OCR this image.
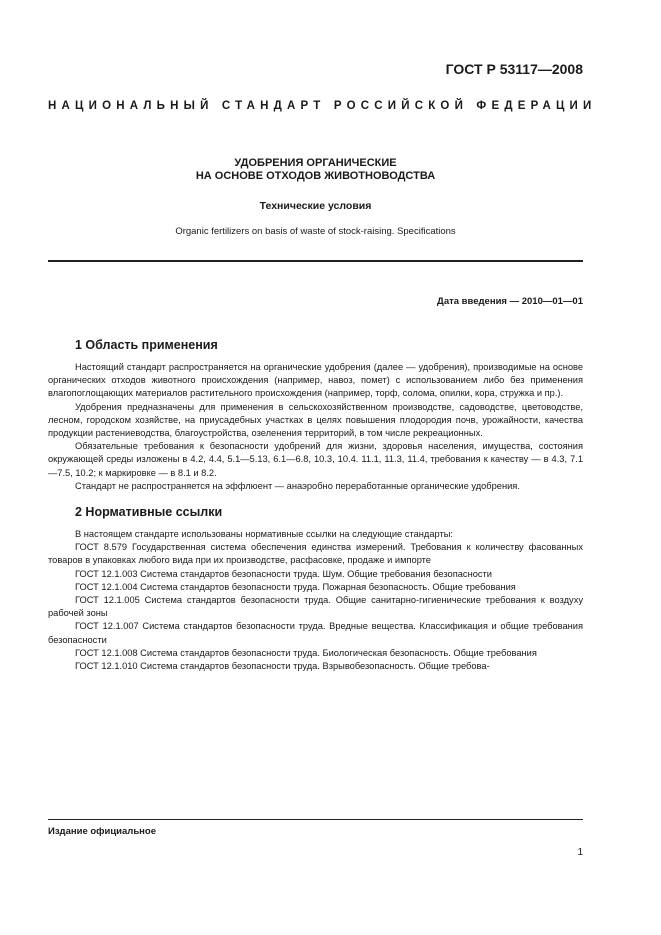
ГОСТ Р 53117—2008
НАЦИОНАЛЬНЫЙ СТАНДАРТ РОССИЙСКОЙ ФЕДЕРАЦИИ
УДОБРЕНИЯ ОРГАНИЧЕСКИЕ
НА ОСНОВЕ ОТХОДОВ ЖИВОТНОВОДСТВА
Технические условия
Organic fertilizers on basis of waste of stock-raising. Specifications
Дата введения — 2010—01—01
1 Область применения

Настоящий стандарт распространяется на органические удобрения (далее — удобрения), производимые на основе органических отходов животного происхождения (например, навоз, помет) с использованием либо без применения влагопоглощающих материалов растительного происхождения (например, торф, солома, опилки, кора, стружка и пр.).

Удобрения предназначены для применения в сельскохозяйственном производстве, садоводстве, цветоводстве, лесном, городском хозяйстве, на приусадебных участках в целях повышения плодородия почв, урожайности, качества продукции растениеводства, благоустройства, озеленения территорий, в том числе рекреационных.

Обязательные требования к безопасности удобрений для жизни, здоровья населения, имущества, состояния окружающей среды изложены в 4.2, 4.4, 5.1—5.13, 6.1—6.8, 10.3, 10.4. 11.1, 11.3, 11.4, требования к качеству — в 4.3, 7.1—7.5, 10.2; к маркировке — в 8.1 и 8.2.

Стандарт не распространяется на эффлюент — анаэробно переработанные органические удобрения.

2 Нормативные ссылки

В настоящем стандарте использованы нормативные ссылки на следующие стандарты:

ГОСТ 8.579 Государственная система обеспечения единства измерений. Требования к количеству фасованных товаров в упаковках любого вида при их производстве, расфасовке, продаже и импорте

ГОСТ 12.1.003 Система стандартов безопасности труда. Шум. Общие требования безопасности

ГОСТ 12.1.004 Система стандартов безопасности труда. Пожарная безопасность. Общие требования

ГОСТ 12.1.005 Система стандартов безопасности труда. Общие санитарно-гигиенические требования к воздуху рабочей зоны

ГОСТ 12.1.007 Система стандартов безопасности труда. Вредные вещества. Классификация и общие требования безопасности

ГОСТ 12.1.008 Система стандартов безопасности труда. Биологическая безопасность. Общие требования

ГОСТ 12.1.010 Система стандартов безопасности труда. Взрывобезопасность. Общие требова-

Издание официальное
1
